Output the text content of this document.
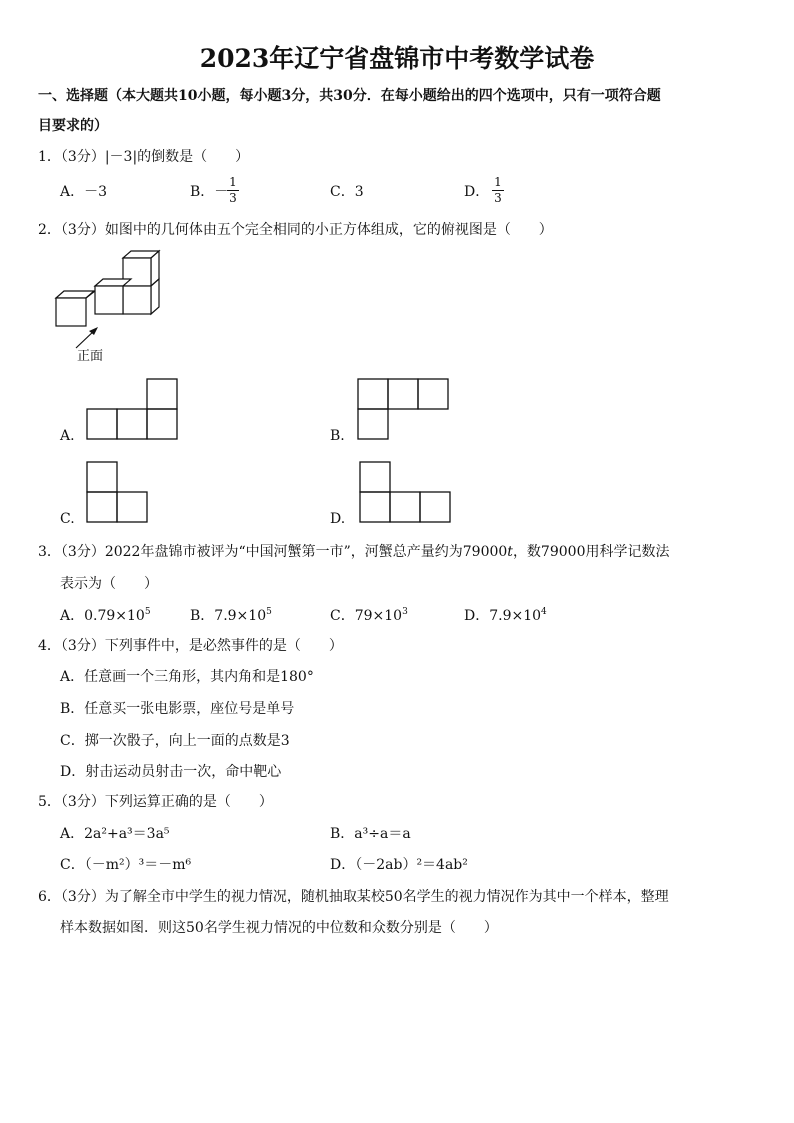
2023年辽宁省盘锦市中考数学试卷
一、选择题（本大题共10小题，每小题3分，共30分．在每小题给出的四个选项中，只有一项符合题
目要求的）
1．（3分）|－3|的倒数是（　　）
A．－3	B．－
1
3	C．3	D．
1
3
2．（3分）如图中的几何体由五个完全相同的小正方体组成，它的俯视图是（　　）
正面
A.	B.
C.	D.
3．（3分）2022年盘锦市被评为“中国河蟹第一市”，河蟹总产量约为79000t，数79000用科学记数法
表示为（　　）
A．$0.79\times 10^5$	B．$7.9\times 10^5$	C．$79\times 10^3$	D．$7.9\times 10^4$
4．（3分）下列事件中，是必然事件的是（　　）
A．任意画一个三角形，其内角和是180°
B．任意买一张电影票，座位号是单号
C．掷一次骰子，向上一面的点数是3
D．射击运动员射击一次，命中靶心
5．（3分）下列运算正确的是（　　）
A．2a²+a³＝3a⁵	B．a³÷a＝a
C．（－m²）³＝－m⁶	D．（－2ab）²＝4ab²
6．（3分）为了解全市中学生的视力情况，随机抽取某校50名学生的视力情况作为其中一个样本，整理
样本数据如图．则这50名学生视力情况的中位数和众数分别是（　　）
